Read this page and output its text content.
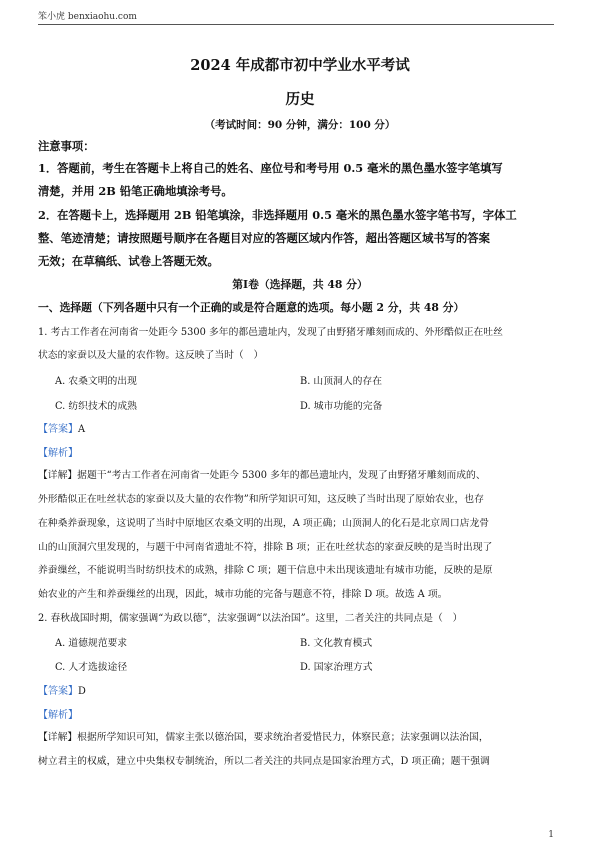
笨小虎 benxiaohu.com
2024 年成都市初中学业水平考试
历史
（考试时间：90 分钟，满分：100 分）
注意事项：
1．答题前，考生在答题卡上将自己的姓名、座位号和考号用 0.5 毫米的黑色墨水签字笔填写
清楚，并用 2B 铅笔正确地填涂考号。
2．在答题卡上，选择题用 2B 铅笔填涂，非选择题用 0.5 毫米的黑色墨水签字笔书写，字体工
整、笔迹清楚；请按照题号顺序在各题目对应的答题区域内作答，超出答题区域书写的答案
无效；在草稿纸、试卷上答题无效。
第Ⅰ卷（选择题，共 48 分）
一、选择题（下列各题中只有一个正确的或是符合题意的选项。每小题 2 分，共 48 分）
1. 考古工作者在河南省一处距今 5300 多年的都邑遗址内，发现了由野猪牙雕刻而成的、外形酷似正在吐丝
状态的家蚕以及大量的农作物。这反映了当时（　）
A. 农桑文明的出现	B. 山顶洞人的存在
C. 纺织技术的成熟	D. 城市功能的完备
【答案】A
【解析】
【详解】据题干“考古工作者在河南省一处距今 5300 多年的都邑遗址内，发现了由野猪牙雕刻而成的、
外形酷似正在吐丝状态的家蚕以及大量的农作物”和所学知识可知，这反映了当时出现了原始农业，也存
在种桑养蚕现象，这说明了当时中原地区农桑文明的出现，A 项正确；山顶洞人的化石是北京周口店龙骨
山的山顶洞穴里发现的，与题干中河南省遗址不符，排除 B 项；正在吐丝状态的家蚕反映的是当时出现了
养蚕缫丝，不能说明当时纺织技术的成熟，排除 C 项；题干信息中未出现该遗址有城市功能，反映的是原
始农业的产生和养蚕缫丝的出现，因此，城市功能的完备与题意不符，排除 D 项。故选 A 项。
2. 春秋战国时期，儒家强调“为政以德”，法家强调“以法治国”。这里，二者关注的共同点是（　）
A. 道德规范要求	B. 文化教育模式
C. 人才选拔途径	D. 国家治理方式
【答案】D
【解析】
【详解】根据所学知识可知，儒家主张以德治国，要求统治者爱惜民力，体察民意；法家强调以法治国，
树立君主的权威，建立中央集权专制统治，所以二者关注的共同点是国家治理方式，D 项正确；题干强调
1
